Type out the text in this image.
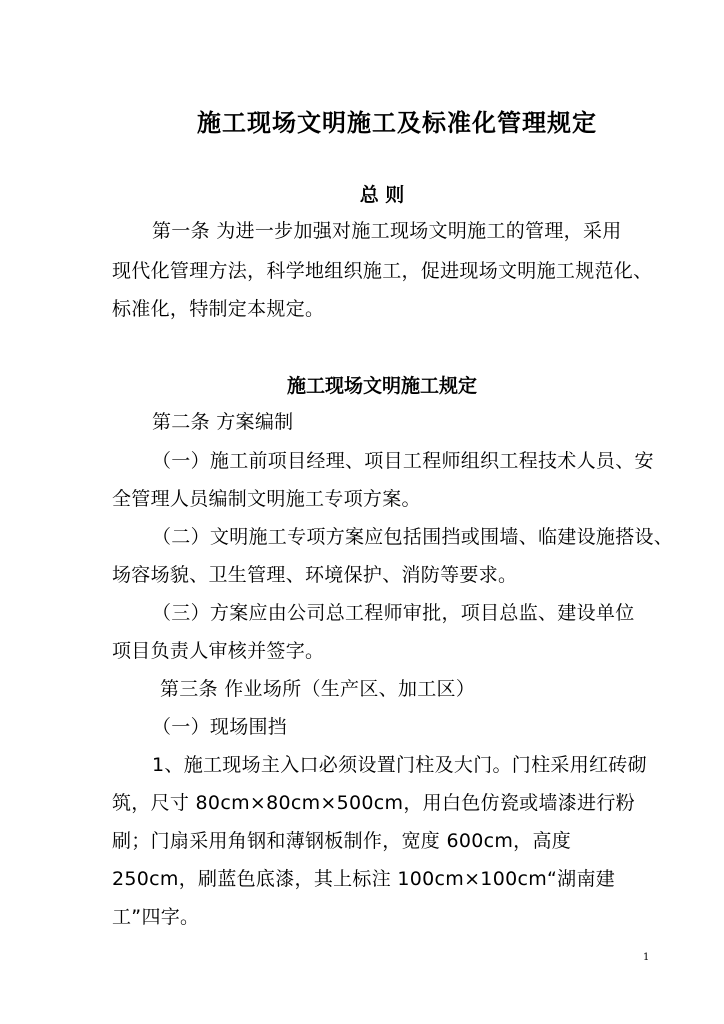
施工现场文明施工及标准化管理规定
总 则
第一条 为进一步加强对施工现场文明施工的管理，采用
现代化管理方法，科学地组织施工，促进现场文明施工规范化、
标准化，特制定本规定。
施工现场文明施工规定
第二条 方案编制
（一）施工前项目经理、项目工程师组织工程技术人员、安
全管理人员编制文明施工专项方案。
（二）文明施工专项方案应包括围挡或围墙、临建设施搭设、
场容场貌、卫生管理、环境保护、消防等要求。
（三）方案应由公司总工程师审批，项目总监、建设单位
项目负责人审核并签字。
第三条 作业场所（生产区、加工区）
（一）现场围挡
1、施工现场主入口必须设置门柱及大门。门柱采用红砖砌
筑，尺寸 80cm×80cm×500cm，用白色仿瓷或墙漆进行粉
刷；门扇采用角钢和薄钢板制作，宽度 600cm，高度
250cm，刷蓝色底漆，其上标注 100cm×100cm“湖南建
工”四字。
1
